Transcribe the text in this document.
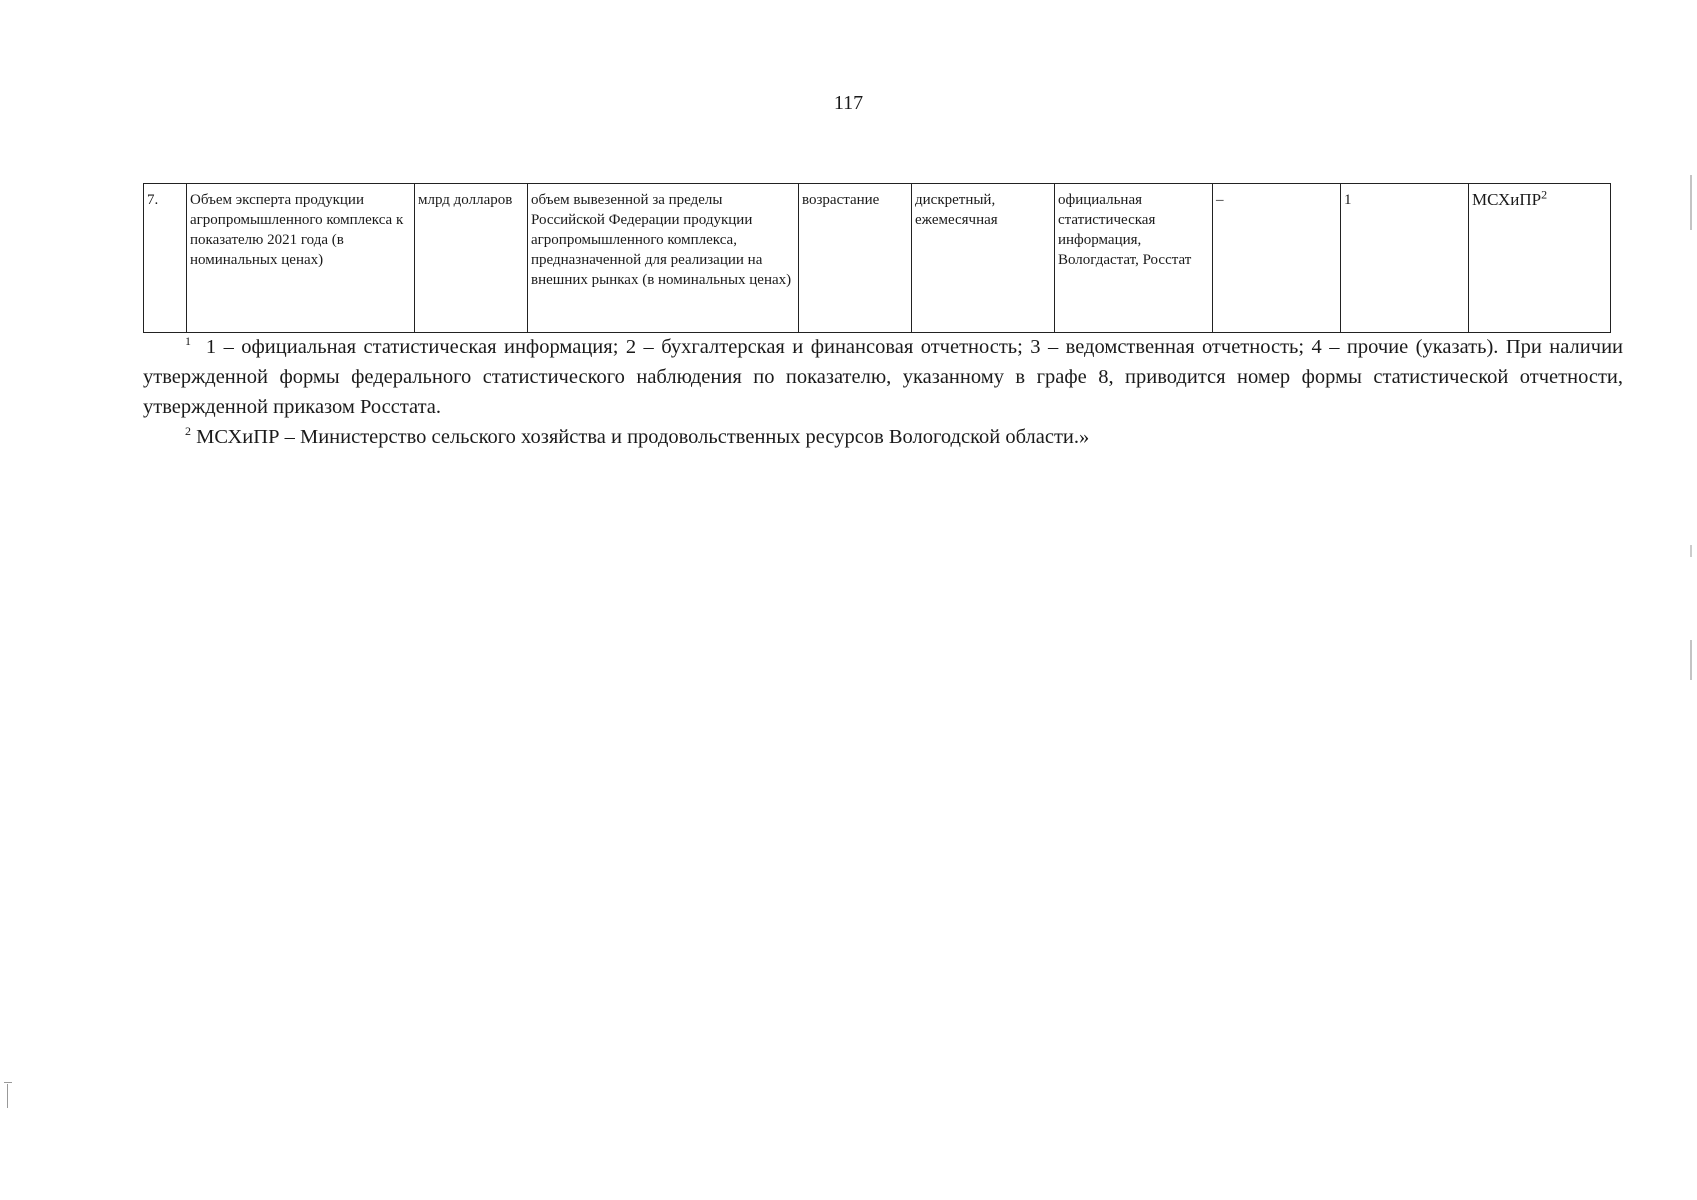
117
7.	Объем эксперта продукции агропромышленного комплекса к показателю 2021 года (в номинальных ценах)	млрд долларов	объем вывезенной за пределы Российской Федерации продукции агропромышленного комплекса, предназначенной для реализации на внешних рынках (в номинальных ценах)	возрастание	дискретный, ежемесячная	официальная статистическая информация, Вологдастат, Росстат	–	1	МСХиПР$^2$

$^1$ 1 – официальная статистическая информация; 2 – бухгалтерская и финансовая отчетность; 3 – ведомственная отчетность; 4 – прочие (указать). При наличии утвержденной формы федерального статистического наблюдения по показателю, указанному в графе 8, приводится номер формы статистической отчетности, утвержденной приказом Росстата.

$^2$ МСХиПР – Министерство сельского хозяйства и продовольственных ресурсов Вологодской области.»
